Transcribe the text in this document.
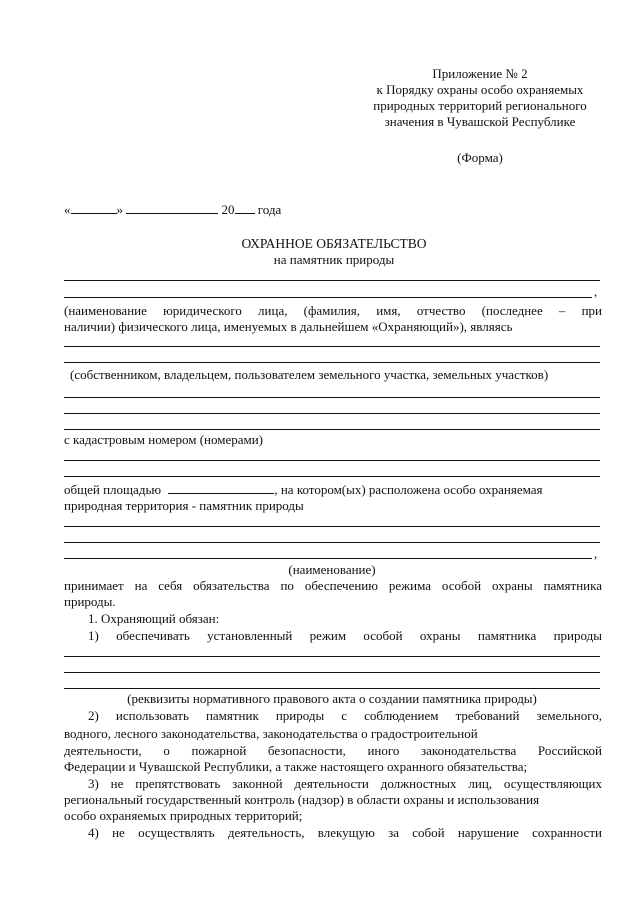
Приложение № 2
к Порядку охраны особо охраняемых
природных территорий регионального
значения в Чувашской Республике
(Форма)
«	»	20 года
ОХРАННОЕ ОБЯЗАТЕЛЬСТВО
на памятник природы
,
(наименование юридического лица, (фамилия, имя, отчество (последнее – при
наличии) физического лица, именуемых в дальнейшем «Охраняющий»), являясь
(собственником, владельцем, пользователем земельного участка, земельных участков)
с кадастровым номером (номерами)
общей площадью	, на котором(ых) расположена особо охраняемая
природная территория - памятник природы
,
(наименование)
принимает на себя обязательства по обеспечению режима особой охраны памятника
природы.
1. Охраняющий обязан:
1) обеспечивать установленный режим особой охраны памятника природы
(реквизиты нормативного правового акта о создании памятника природы)
2) использовать памятник природы с соблюдением требований земельного,
водного, лесного законодательства, законодательства о градостроительной
деятельности, о пожарной безопасности, иного законодательства Российской
Федерации и Чувашской Республики, а также настоящего охранного обязательства;
3) не препятствовать законной деятельности должностных лиц, осуществляющих
региональный государственный контроль (надзор) в области охраны и использования
особо охраняемых природных территорий;
4) не осуществлять деятельность, влекущую за собой нарушение сохранности
